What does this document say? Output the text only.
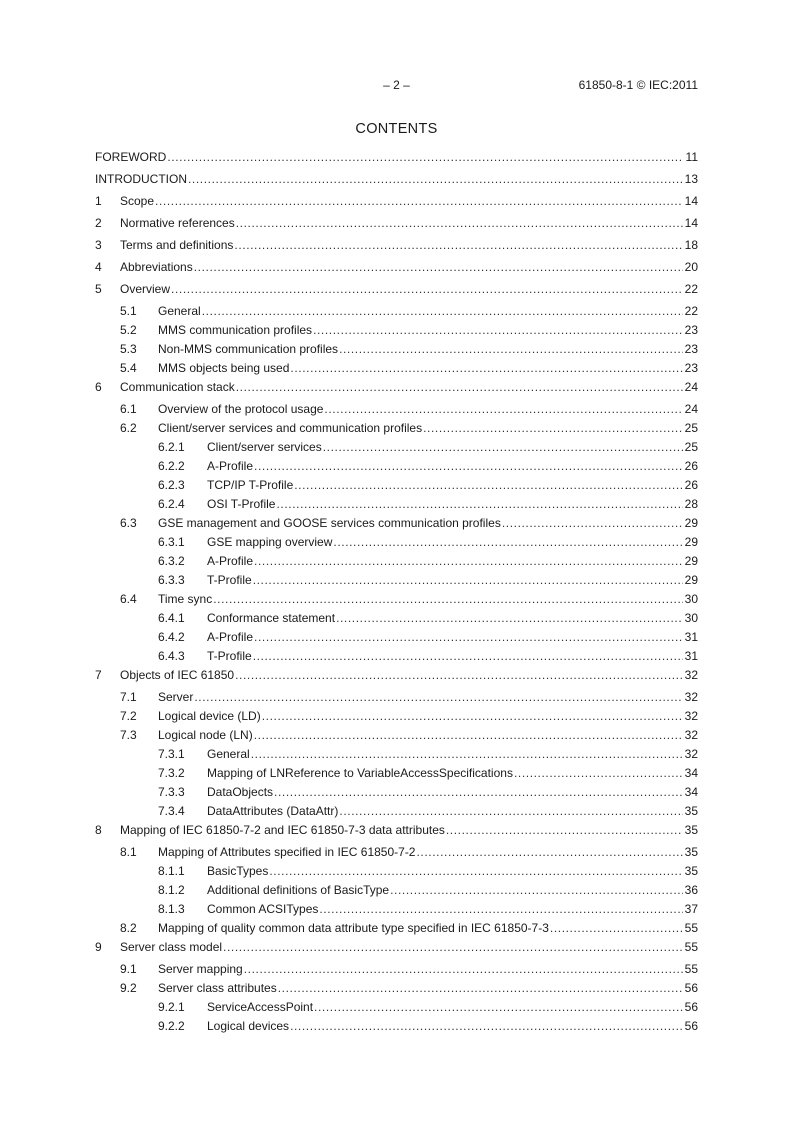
– 2 –	61850-8-1 © IEC:2011
CONTENTS
FOREWORD .....	11
INTRODUCTION .....	13
1	Scope .....	14
2	Normative references .....	14
3	Terms and definitions .....	18
4	Abbreviations .....	20
5	Overview .....	22
5.1	General .....	22
5.2	MMS communication profiles .....	23
5.3	Non-MMS communication profiles .....	23
5.4	MMS objects being used .....	23
6	Communication stack .....	24
6.1	Overview of the protocol usage .....	24
6.2	Client/server services and communication profiles .....	25
6.2.1	Client/server services .....	25
6.2.2	A-Profile .....	26
6.2.3	TCP/IP T-Profile .....	26
6.2.4	OSI T-Profile .....	28
6.3	GSE management and GOOSE services communication profiles .....	29
6.3.1	GSE mapping overview .....	29
6.3.2	A-Profile .....	29
6.3.3	T-Profile .....	29
6.4	Time sync .....	30
6.4.1	Conformance statement .....	30
6.4.2	A-Profile .....	31
6.4.3	T-Profile .....	31
7	Objects of IEC 61850 .....	32
7.1	Server .....	32
7.2	Logical device (LD) .....	32
7.3	Logical node (LN) .....	32
7.3.1	General .....	32
7.3.2	Mapping of LNReference to VariableAccessSpecifications .....	34
7.3.3	DataObjects .....	34
7.3.4	DataAttributes (DataAttr) .....	35
8	Mapping of IEC 61850-7-2 and IEC 61850-7-3 data attributes .....	35
8.1	Mapping of Attributes specified in IEC 61850-7-2 .....	35
8.1.1	BasicTypes .....	35
8.1.2	Additional definitions of BasicType .....	36
8.1.3	Common ACSITypes .....	37
8.2	Mapping of quality common data attribute type specified in IEC 61850-7-3 .....	55
9	Server class model .....	55
9.1	Server mapping .....	55
9.2	Server class attributes .....	56
9.2.1	ServiceAccessPoint .....	56
9.2.2	Logical devices .....	56
